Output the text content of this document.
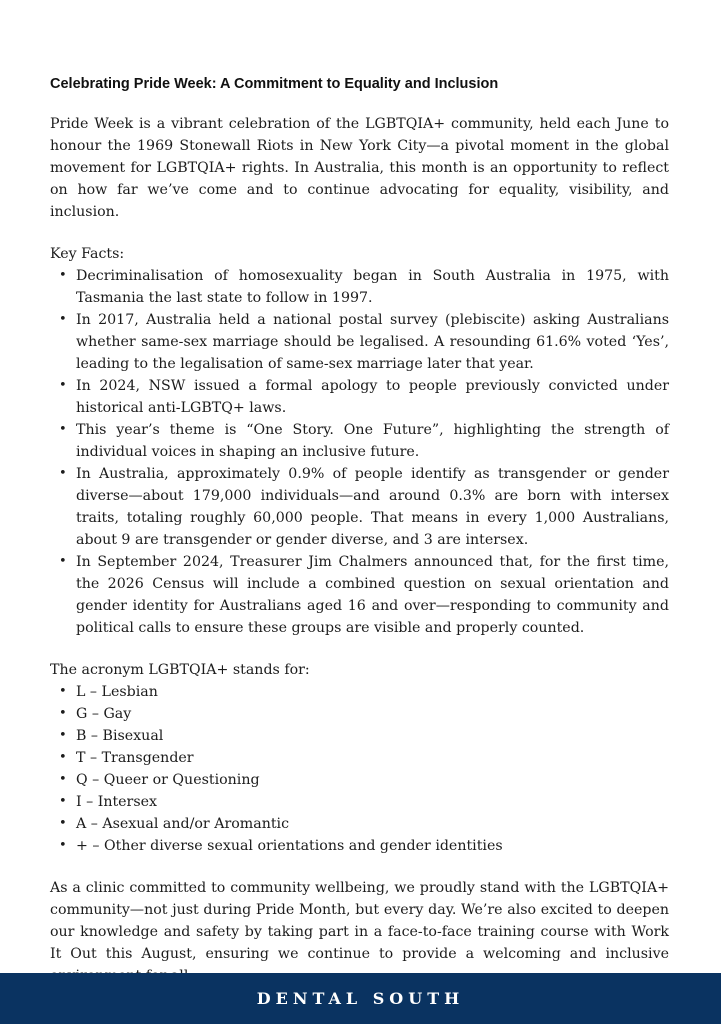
Celebrating Pride Week: A Commitment to Equality and Inclusion

Pride Week is a vibrant celebration of the LGBTQIA+ community, held each June to honour the 1969 Stonewall Riots in New York City—a pivotal moment in the global movement for LGBTQIA+ rights. In Australia, this month is an opportunity to reflect on how far we’ve come and to continue advocating for equality, visibility, and inclusion.

Key Facts:

• Decriminalisation of homosexuality began in South Australia in 1975, with Tasmania the last state to follow in 1997.
• In 2017, Australia held a national postal survey (plebiscite) asking Australians whether same-sex marriage should be legalised. A resounding 61.6% voted ‘Yes’, leading to the legalisation of same-sex marriage later that year.
• In 2024, NSW issued a formal apology to people previously convicted under historical anti-LGBTQ+ laws.
• This year’s theme is “One Story. One Future”, highlighting the strength of individual voices in shaping an inclusive future.
• In Australia, approximately 0.9% of people identify as transgender or gender diverse—about 179,000 individuals—and around 0.3% are born with intersex traits, totaling roughly 60,000 people. That means in every 1,000 Australians, about 9 are transgender or gender diverse, and 3 are intersex.
• In September 2024, Treasurer Jim Chalmers announced that, for the first time, the 2026 Census will include a combined question on sexual orientation and gender identity for Australians aged 16 and over—responding to community and political calls to ensure these groups are visible and properly counted.

The acronym LGBTQIA+ stands for:

• L – Lesbian
• G – Gay
• B – Bisexual
• T – Transgender
• Q – Queer or Questioning
• I – Intersex
• A – Asexual and/or Aromantic
• + – Other diverse sexual orientations and gender identities

As a clinic committed to community wellbeing, we proudly stand with the LGBTQIA+ community—not just during Pride Month, but every day. We’re also excited to deepen our knowledge and safety by taking part in a face-to-face training course with Work It Out this August, ensuring we continue to provide a welcoming and inclusive

DENTAL SOUTH
